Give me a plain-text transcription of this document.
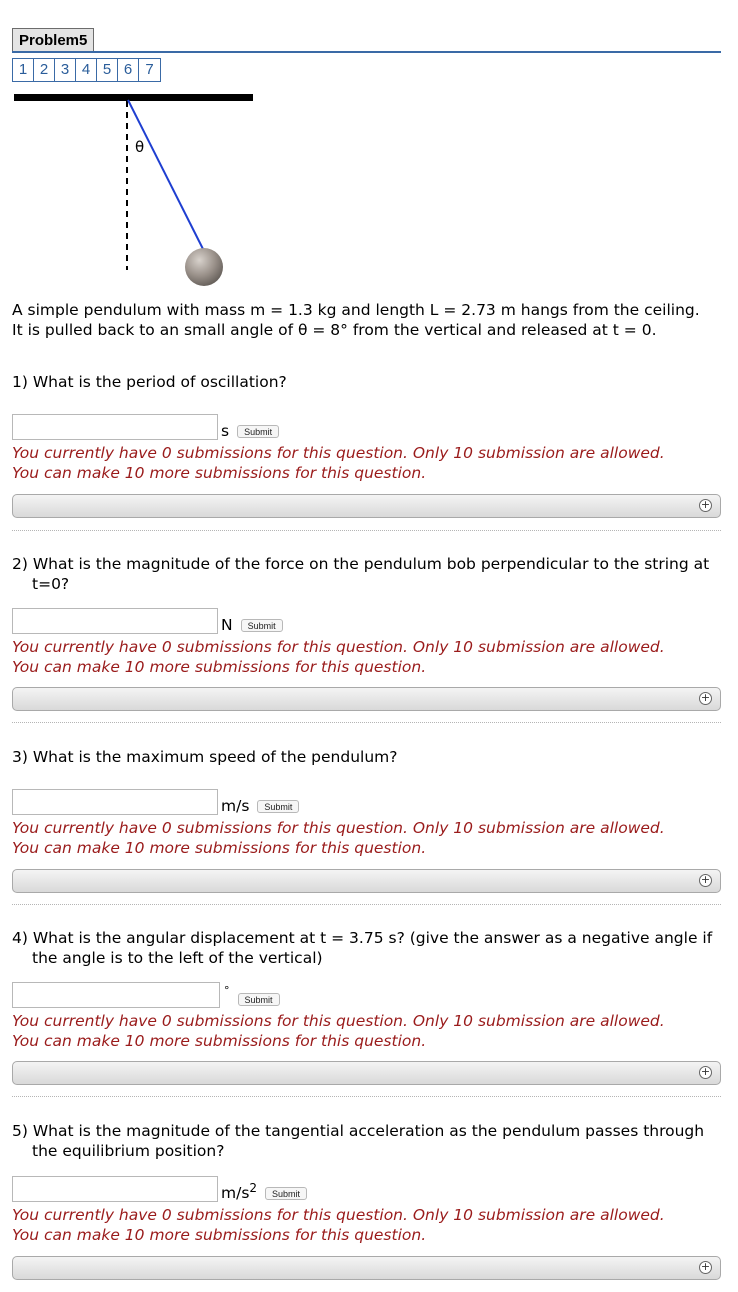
Problem5
1 2 3 4 5 6 7
θ
A simple pendulum with mass m = 1.3 kg and length L = 2.73 m hangs from the ceiling.
It is pulled back to an small angle of θ = 8° from the vertical and released at t = 0.
1) What is the period of oscillation?
s	Submit
You currently have 0 submissions for this question. Only 10 submission are allowed.
You can make 10 more submissions for this question.
+
2) What is the magnitude of the force on the pendulum bob perpendicular to the string at t=0?
N	Submit
You currently have 0 submissions for this question. Only 10 submission are allowed.
You can make 10 more submissions for this question.
+
3) What is the maximum speed of the pendulum?
m/s	Submit
You currently have 0 submissions for this question. Only 10 submission are allowed.
You can make 10 more submissions for this question.
+
4) What is the angular displacement at t = 3.75 s? (give the answer as a negative angle if the angle is to the left of the vertical)
°
Submit
You currently have 0 submissions for this question. Only 10 submission are allowed.
You can make 10 more submissions for this question.
+
5) What is the magnitude of the tangential acceleration as the pendulum passes through the equilibrium position?
$m/s^2$	Submit
You currently have 0 submissions for this question. Only 10 submission are allowed.
You can make 10 more submissions for this question.
+
